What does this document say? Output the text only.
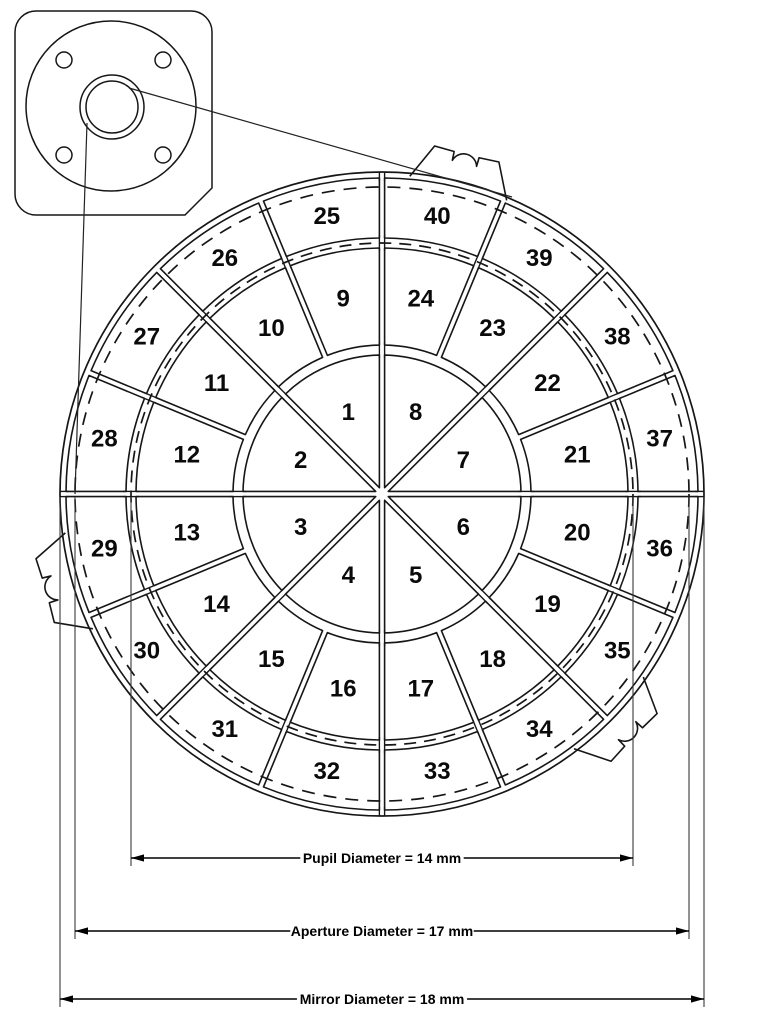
1
2
3
4 5
6
7
8
9
10
11
12
13
14
15
16 17
18
19
20
21
22
23
24
25
26
27
28
29
30
31
32	33
34
35
36
37
38
39
40
Pupil Diameter = 14 mm
Aperture Diameter = 17 mm
Mirror Diameter = 18 mm
